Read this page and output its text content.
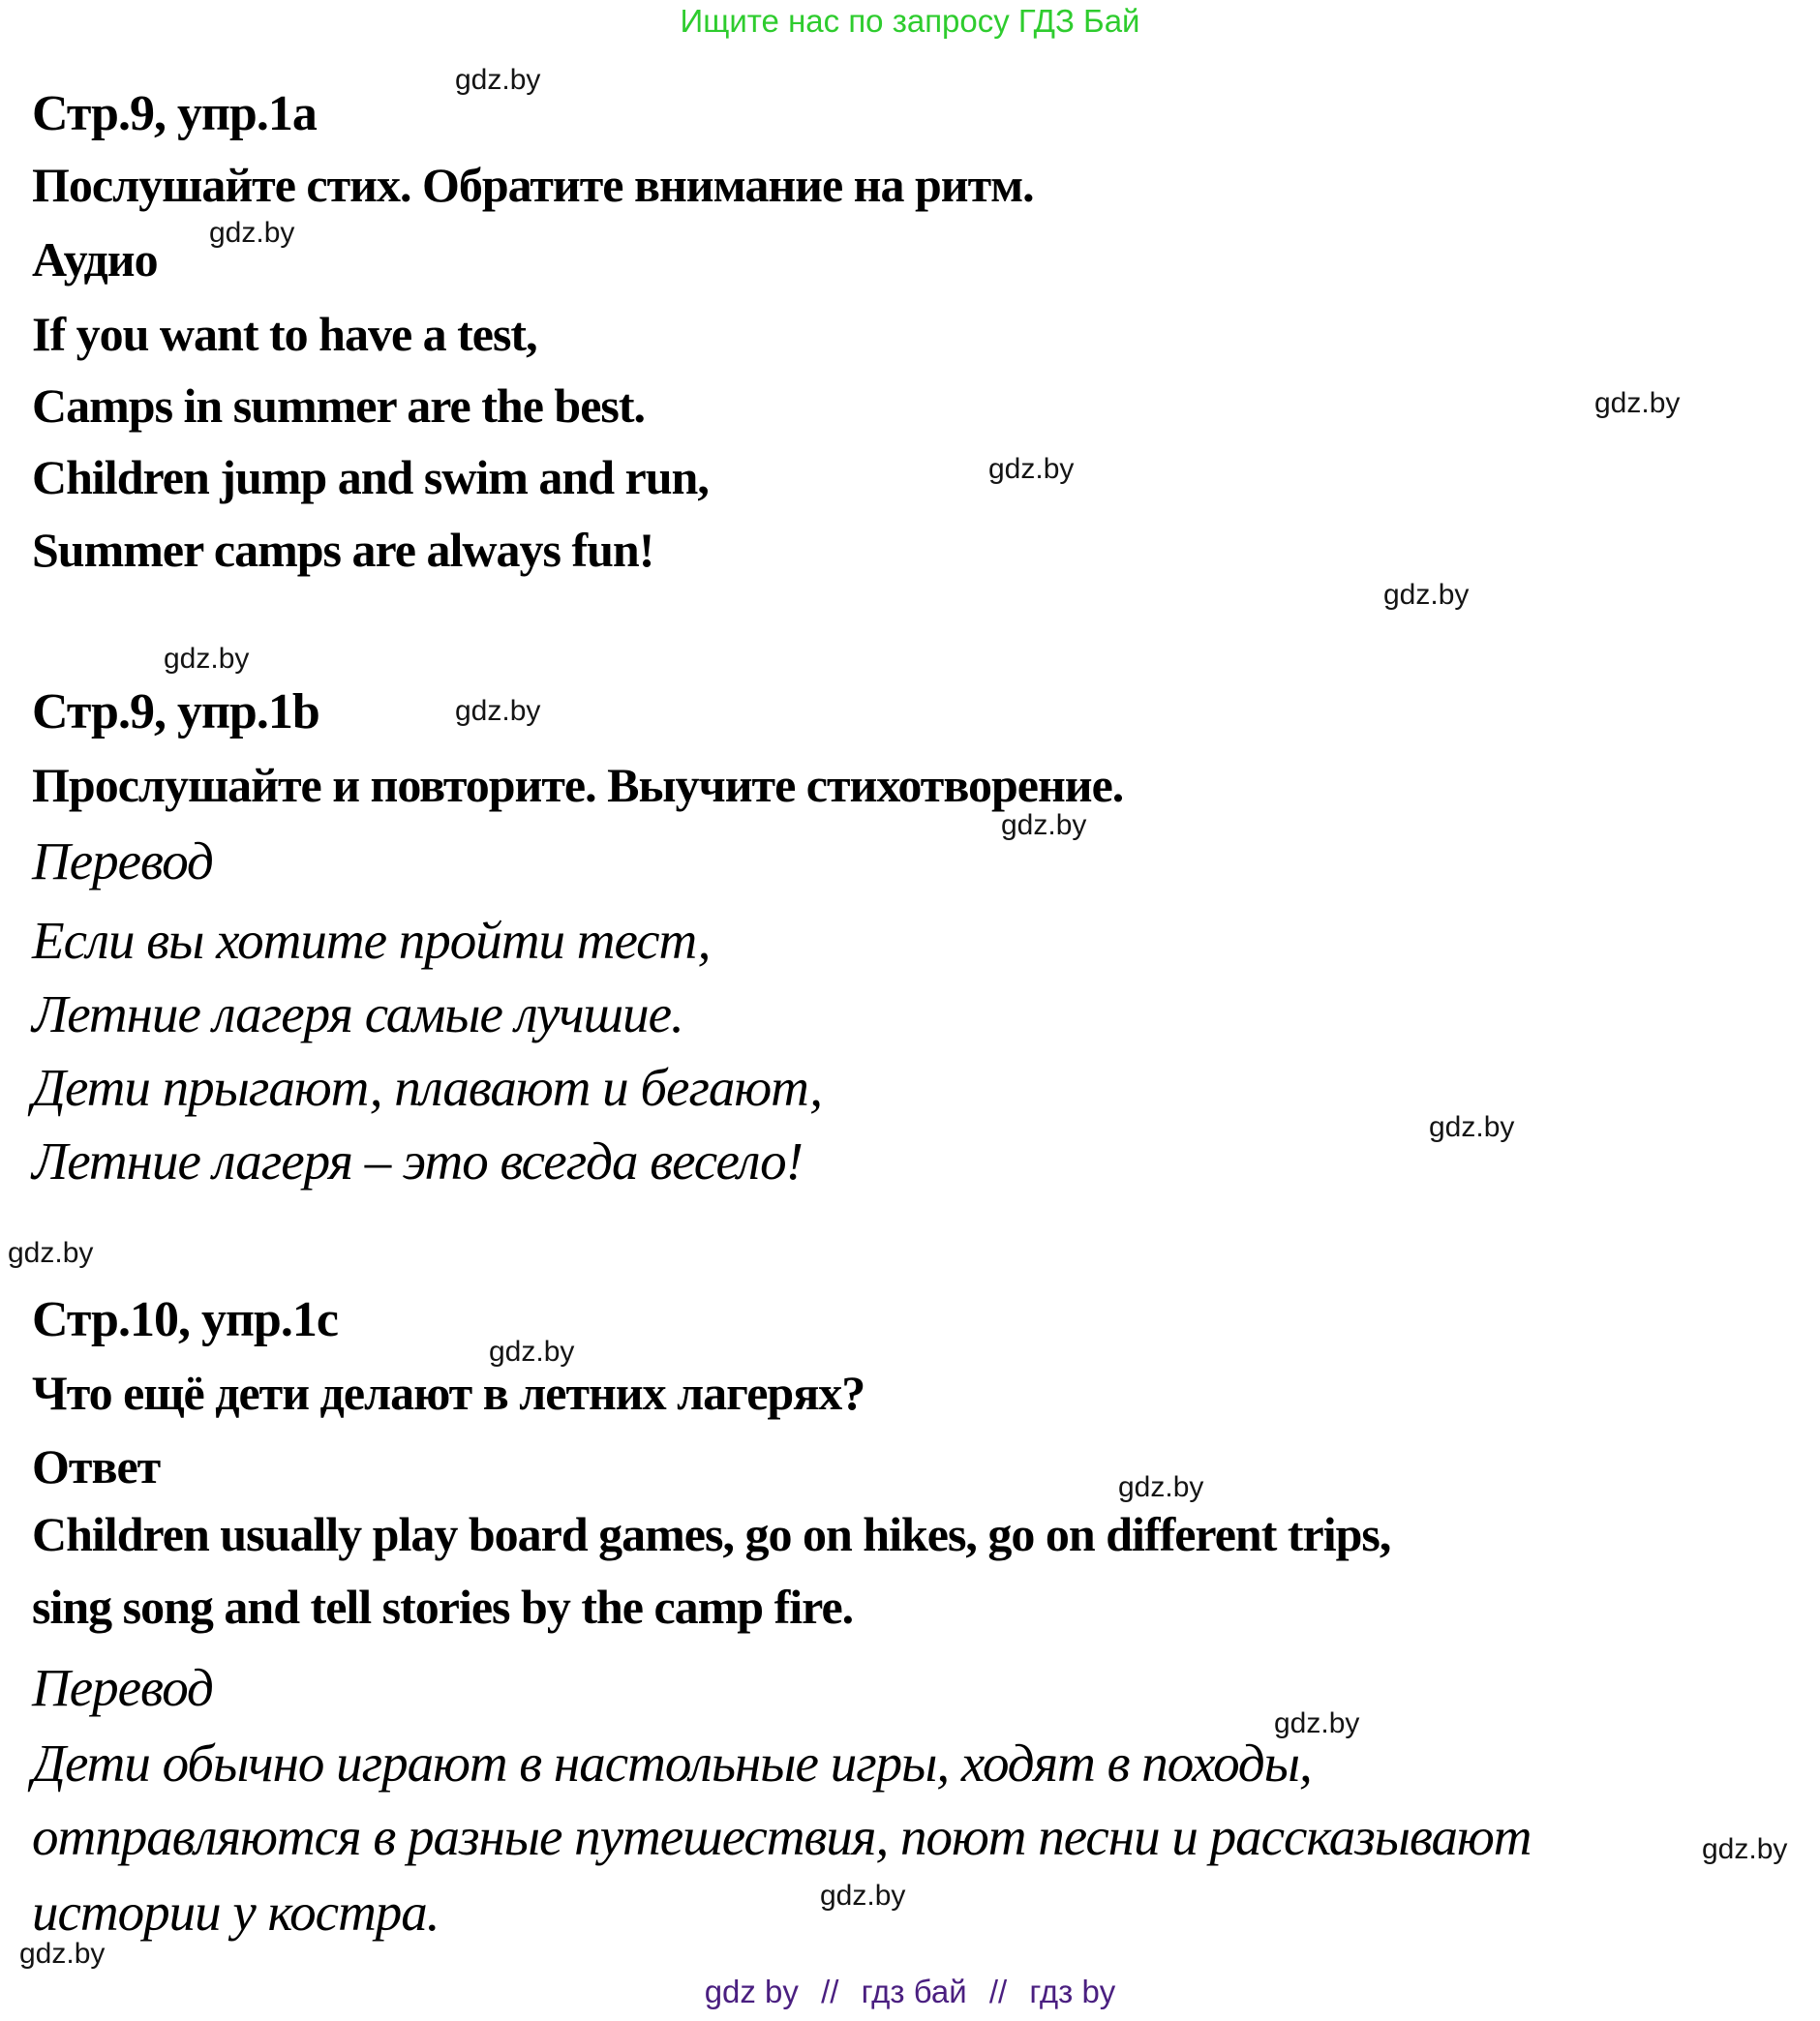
Ищите нас по запросу ГДЗ Бай
gdz.by
gdz.by
gdz.by
gdz.by
gdz.by
gdz.by
gdz.by
gdz.by
gdz.by
gdz.by
gdz.by
gdz.by
gdz.by
gdz.by
gdz.by
gdz.by
Стр.9, упр.1a
Послушайте стих. Обратите внимание на ритм.
Аудио
If you want to have a test,
Camps in summer are the best.
Children jump and swim and run,
Summer camps are always fun!
Стр.9, упр.1b
Прослушайте и повторите. Выучите стихотворение.
Перевод
Если вы хотите пройти тест,
Летние лагеря самые лучшие.
Дети прыгают, плавают и бегают,
Летние лагеря – это всегда весело!
Стр.10, упр.1c
Что ещё дети делают в летних лагерях?
Ответ
Children usually play board games, go on hikes, go on different trips,
sing song and tell stories by the camp fire.
Перевод
Дети обычно играют в настольные игры, ходят в походы,
отправляются в разные путешествия, поют песни и рассказывают
истории у костра.
gdz by // гдз бай // гдз by
